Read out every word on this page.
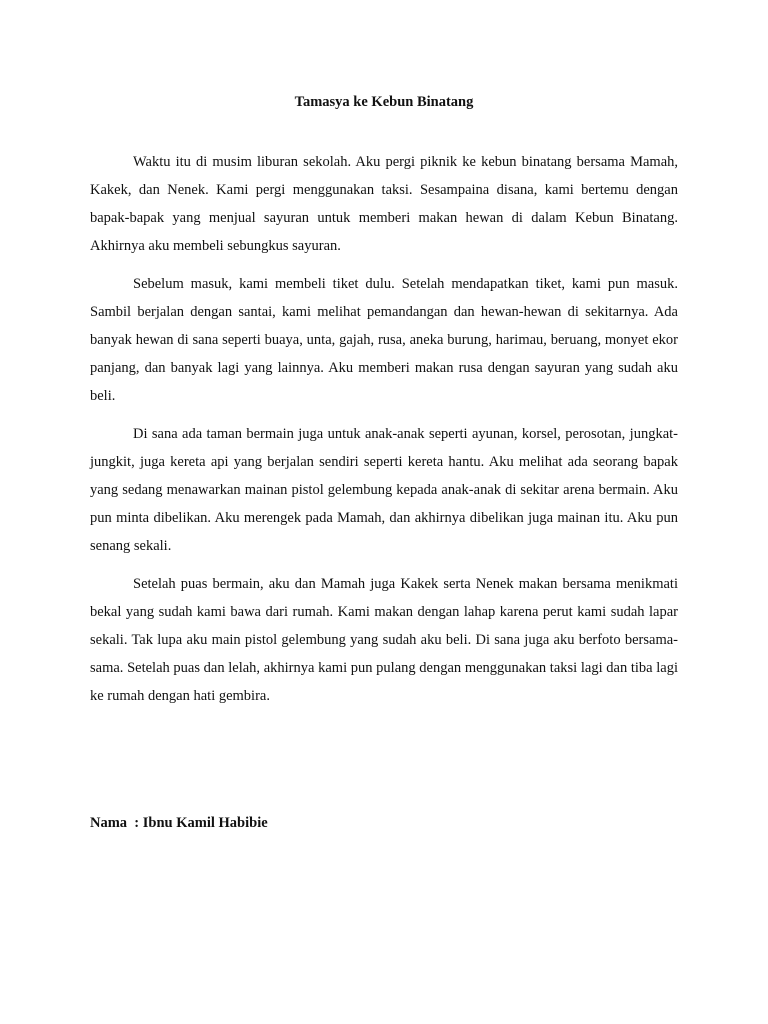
Tamasya ke Kebun Binatang

Waktu itu di musim liburan sekolah. Aku pergi piknik ke kebun binatang bersama Mamah, Kakek, dan Nenek. Kami pergi menggunakan taksi. Sesampaina disana, kami bertemu dengan bapak-bapak yang menjual sayuran untuk memberi makan hewan di dalam Kebun Binatang. Akhirnya aku membeli sebungkus sayuran.

Sebelum masuk, kami membeli tiket dulu. Setelah mendapatkan tiket, kami pun masuk. Sambil berjalan dengan santai, kami melihat pemandangan dan hewan-hewan di sekitarnya. Ada banyak hewan di sana seperti buaya, unta, gajah, rusa, aneka burung, harimau, beruang, monyet ekor panjang, dan banyak lagi yang lainnya. Aku memberi makan rusa dengan sayuran yang sudah aku beli.

Di sana ada taman bermain juga untuk anak-anak seperti ayunan, korsel, perosotan, jungkat-jungkit, juga kereta api yang berjalan sendiri seperti kereta hantu. Aku melihat ada seorang bapak yang sedang menawarkan mainan pistol gelembung kepada anak-anak di sekitar arena bermain. Aku pun minta dibelikan. Aku merengek pada Mamah, dan akhirnya dibelikan juga mainan itu. Aku pun senang sekali.

Setelah puas bermain, aku dan Mamah juga Kakek serta Nenek makan bersama menikmati bekal yang sudah kami bawa dari rumah. Kami makan dengan lahap karena perut kami sudah lapar sekali. Tak lupa aku main pistol gelembung yang sudah aku beli. Di sana juga aku berfoto bersama-sama. Setelah puas dan lelah, akhirnya kami pun pulang dengan menggunakan taksi lagi dan tiba lagi ke rumah dengan hati gembira.

Nama  : Ibnu Kamil Habibie
